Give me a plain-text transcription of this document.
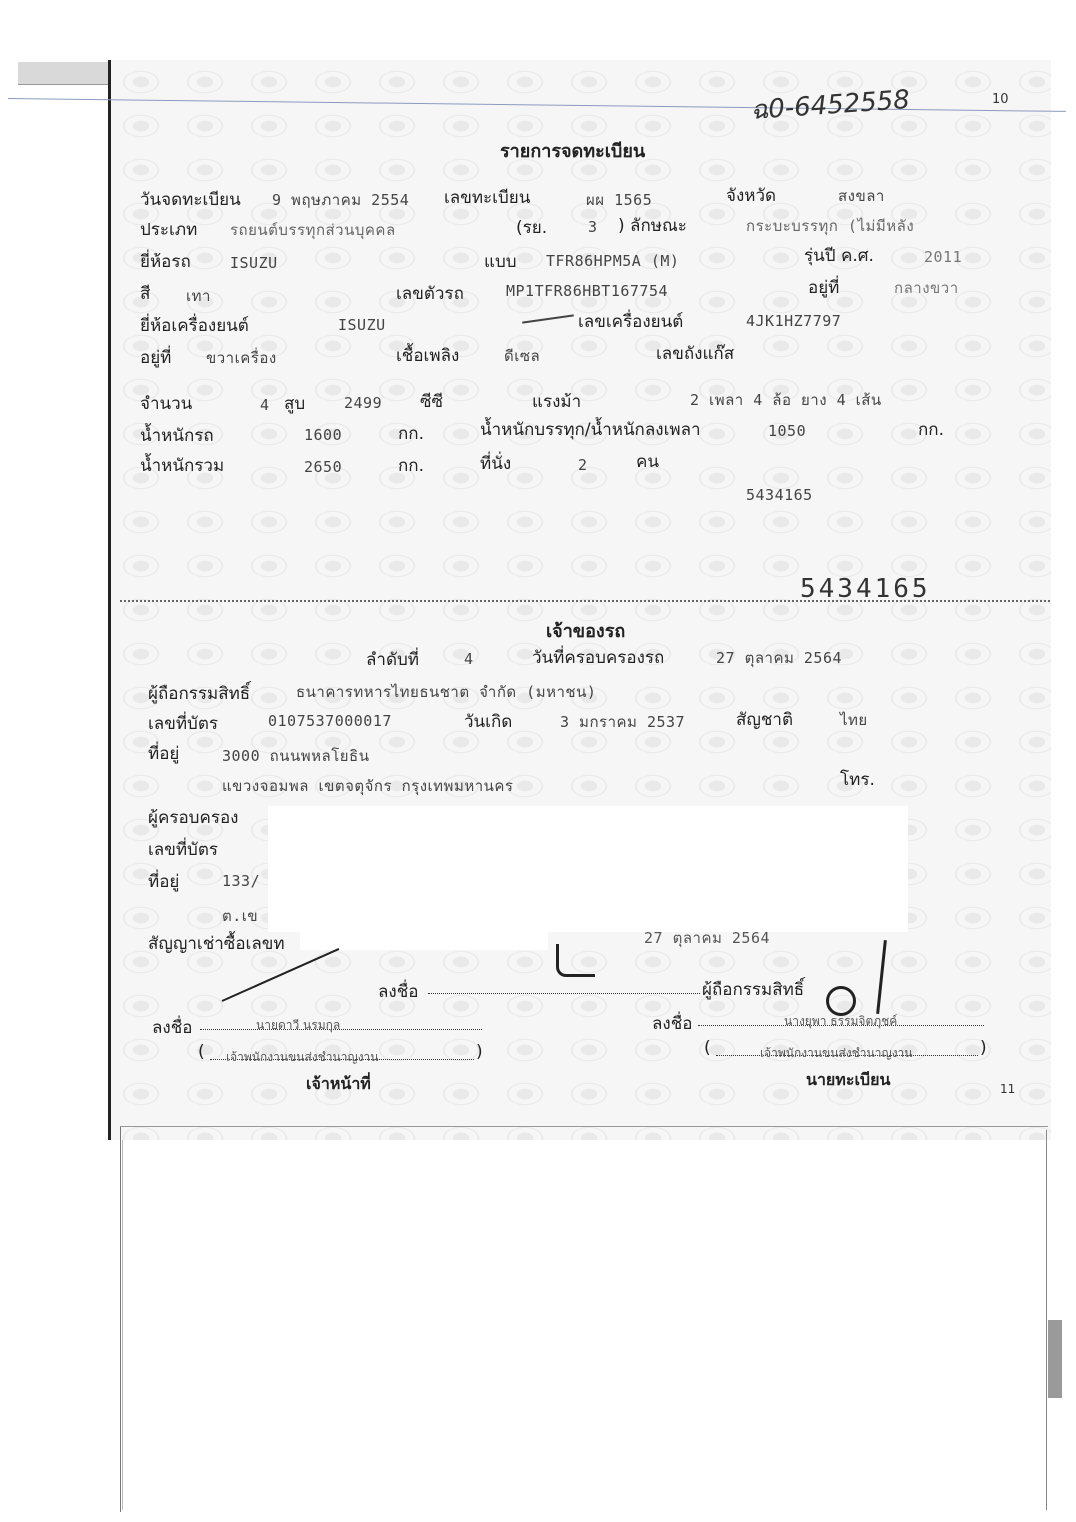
ฉ0-6452558	10
รายการจดทะเบียน
วันจดทะเบียน 9 พฤษภาคม 2554 เลขทะเบียน	ผผ 1565	จังหวัด	สงขลา
ประเภท รถยนต์บรรทุกส่วนบุคคล	(รย.	3 ) ลักษณะ	กระบะบรรทุก (ไม่มีหลัง
ยี่ห้อรถ	ISUZU	แบบ TFR86HPM5A (M)	รุ่นปี ค.ศ.	2011
สี เทา	เลขตัวรถ	MP1TFR86HBT167754	อยู่ที่	กลางขวา
ยี่ห้อเครื่องยนต์	ISUZU	เลขเครื่องยนต์	4JK1HZ7797
อยู่ที่ ขวาเครื่อง	เชื้อเพลิง	ดีเซล	เลขถังแก๊ส
จำนวน	4 สูบ	2499 ซีซี	แรงม้า	2 เพลา 4 ล้อ ยาง 4 เส้น
น้ำหนักรถ	1600	กก.	น้ำหนักบรรทุก/น้ำหนักลงเพลา	1050	กก.
น้ำหนักรวม	2650	กก.	ที่นั่ง	2	คน
5434165
5434165
เจ้าของรถ
ลำดับที่	4	วันที่ครอบครองรถ	27 ตุลาคม 2564
ผู้ถือกรรมสิทธิ์	ธนาคารทหารไทยธนชาต จำกัด (มหาชน)
เลขที่บัตร	0107537000017	วันเกิด	3 มกราคม 2537	สัญชาติ	ไทย
ที่อยู่	3000 ถนนพหลโยธิน
แขวงจอมพล เขตจตุจักร กรุงเทพมหานคร	โทร.
ผู้ครอบครอง
เลขที่บัตร
ที่อยู่	133/
ต.เข
สัญญาเช่าซื้อเลขท	27 ตุลาคม 2564
ลงชื่อ	ผู้ถือกรรมสิทธิ์
ลงชื่อ	นายดาวี นรมกุล
( เจ้าพนักงานขนส่งชำนาญงาน	)
เจ้าหน้าที่
ลงชื่อ	นางยุพา ธรรมจิตภุชค์
(	เจ้าพนักงานขนส่งชำนาญงาน	)
นายทะเบียน	11
